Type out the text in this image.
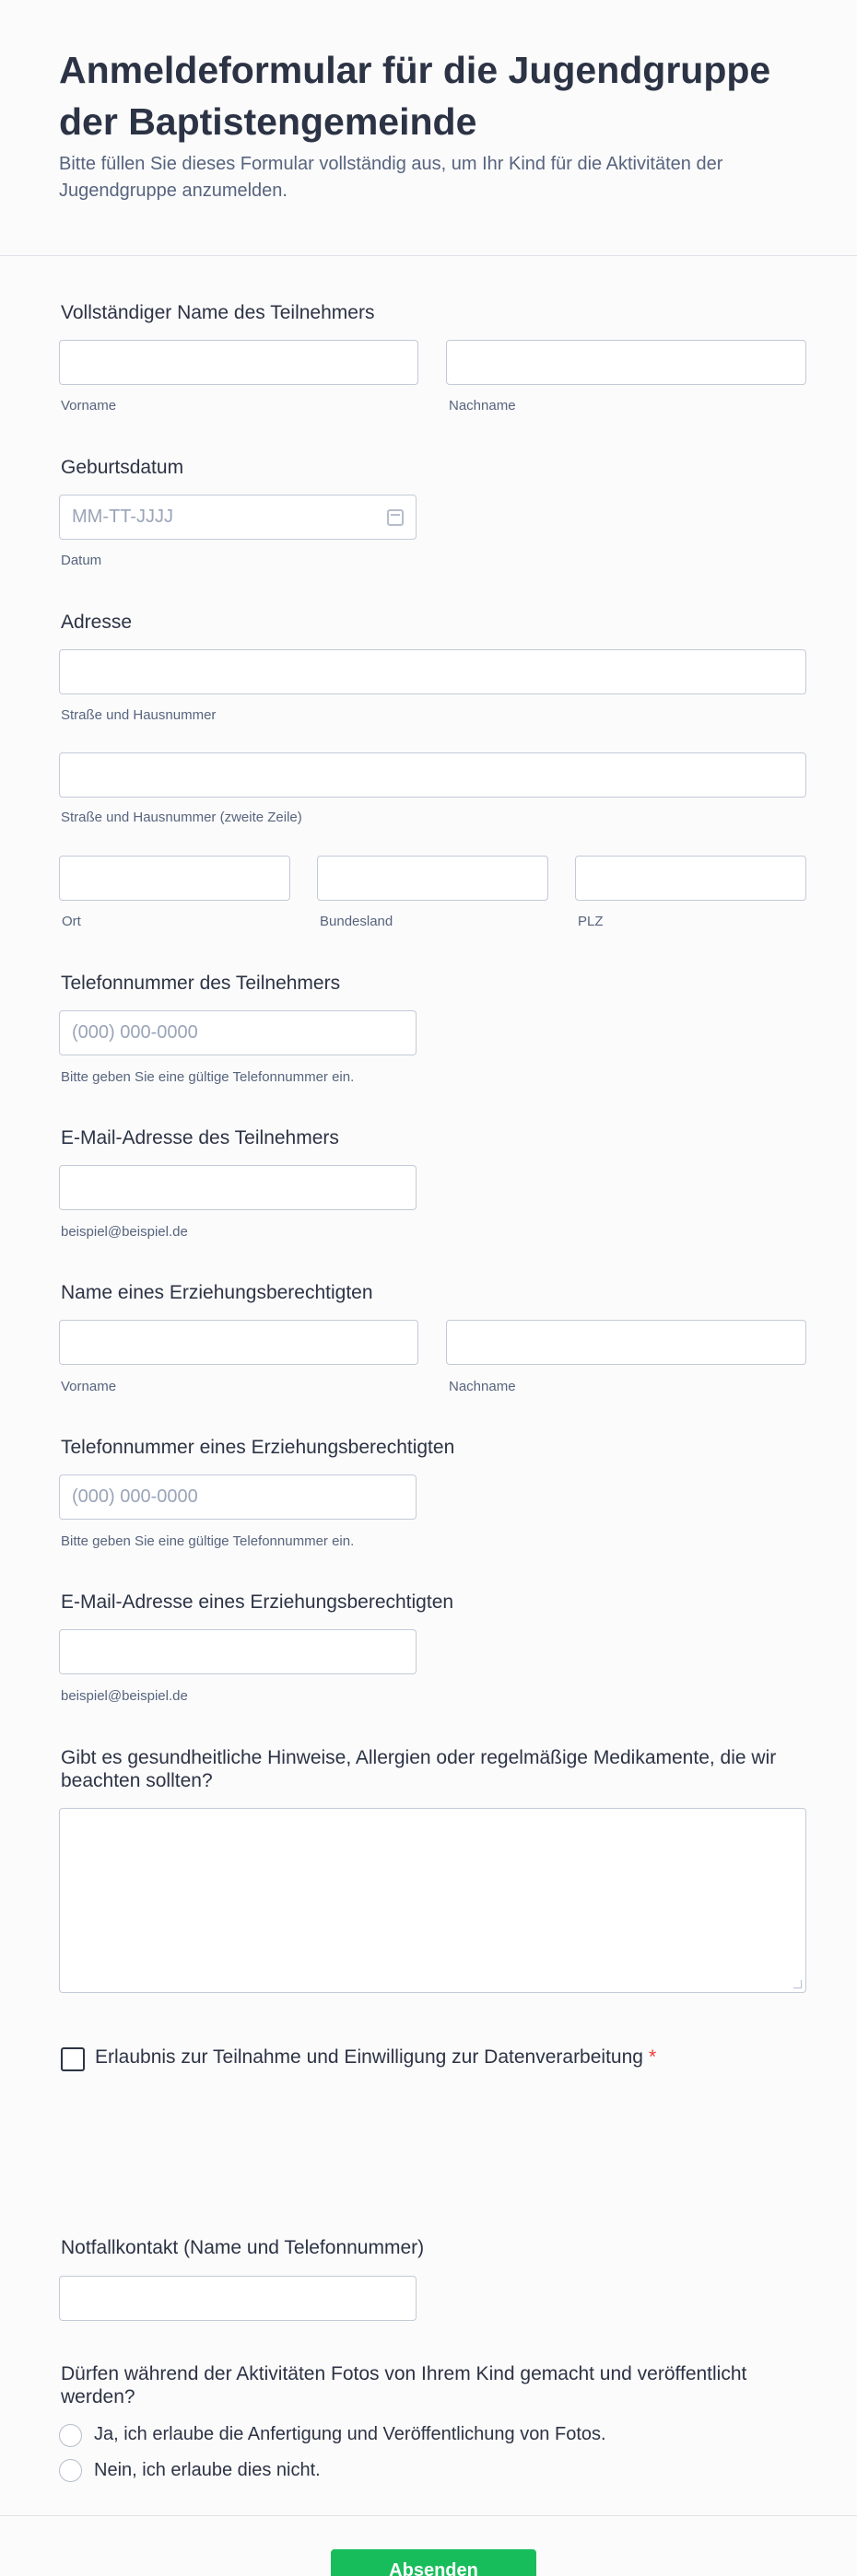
Anmeldeformular für die Jugendgruppe der Baptistengemeinde

Bitte füllen Sie dieses Formular vollständig aus, um Ihr Kind für die Aktivitäten der Jugendgruppe anzumelden.

Vollständiger Name des Teilnehmers
Vorname	Nachname
Geburtsdatum
MM-TT-JJJJ
Datum
Adresse
Straße und Hausnummer
Straße und Hausnummer (zweite Zeile)
Ort	Bundesland	PLZ
Telefonnummer des Teilnehmers
(000) 000-0000
Bitte geben Sie eine gültige Telefonnummer ein.
E-Mail-Adresse des Teilnehmers
beispiel@beispiel.de
Name eines Erziehungsberechtigten
Vorname	Nachname
Telefonnummer eines Erziehungsberechtigten
(000) 000-0000
Bitte geben Sie eine gültige Telefonnummer ein.
E-Mail-Adresse eines Erziehungsberechtigten
beispiel@beispiel.de
Gibt es gesundheitliche Hinweise, Allergien oder regelmäßige Medikamente, die wir beachten sollten?
Erlaubnis zur Teilnahme und Einwilligung zur Datenverarbeitung *
Notfallkontakt (Name und Telefonnummer)
Dürfen während der Aktivitäten Fotos von Ihrem Kind gemacht und veröffentlicht werden?
Ja, ich erlaube die Anfertigung und Veröffentlichung von Fotos.
Nein, ich erlaube dies nicht.
Absenden
